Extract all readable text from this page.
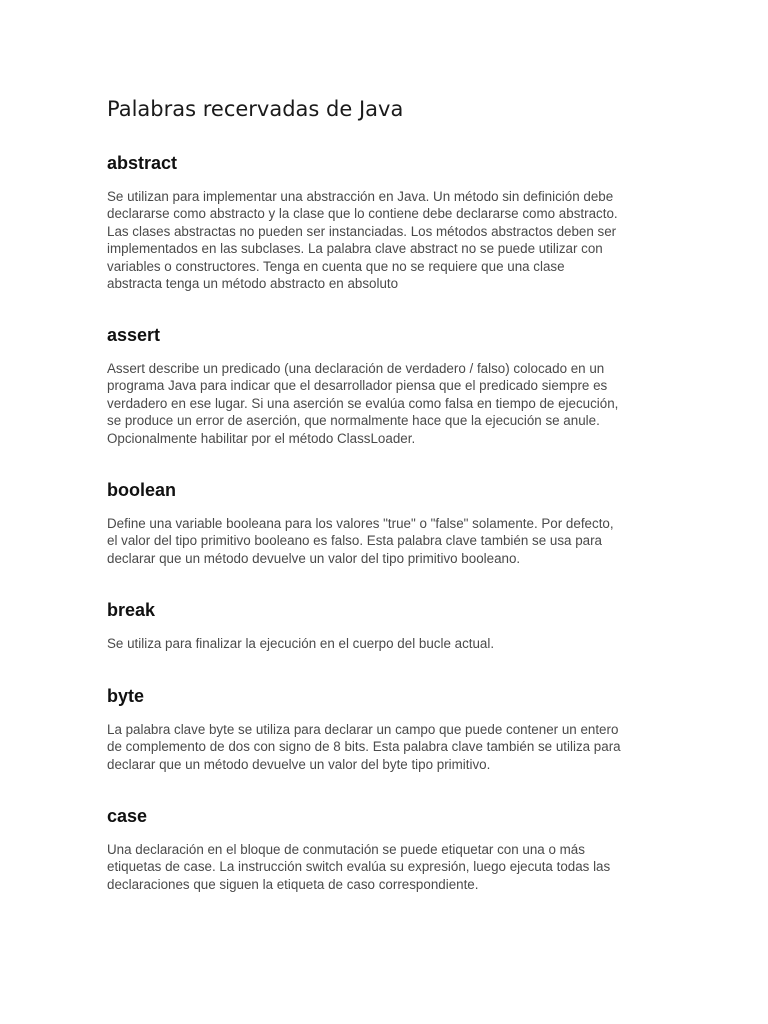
Palabras recervadas de Java
abstract

Se utilizan para implementar una abstracción en Java. Un método sin definición debe
declararse como abstracto y la clase que lo contiene debe declararse como abstracto.
Las clases abstractas no pueden ser instanciadas. Los métodos abstractos deben ser
implementados en las subclases. La palabra clave abstract no se puede utilizar con
variables o constructores. Tenga en cuenta que no se requiere que una clase
abstracta tenga un método abstracto en absoluto

assert

Assert describe un predicado (una declaración de verdadero / falso) colocado en un
programa Java para indicar que el desarrollador piensa que el predicado siempre es
verdadero en ese lugar. Si una aserción se evalúa como falsa en tiempo de ejecución,
se produce un error de aserción, que normalmente hace que la ejecución se anule.
Opcionalmente habilitar por el método ClassLoader.

boolean

Define una variable booleana para los valores "true" o "false" solamente. Por defecto,
el valor del tipo primitivo booleano es falso. Esta palabra clave también se usa para
declarar que un método devuelve un valor del tipo primitivo booleano.

break

Se utiliza para finalizar la ejecución en el cuerpo del bucle actual.

byte

La palabra clave byte se utiliza para declarar un campo que puede contener un entero
de complemento de dos con signo de 8 bits. Esta palabra clave también se utiliza para
declarar que un método devuelve un valor del byte tipo primitivo.

case

Una declaración en el bloque de conmutación se puede etiquetar con una o más
etiquetas de case. La instrucción switch evalúa su expresión, luego ejecuta todas las
declaraciones que siguen la etiqueta de caso correspondiente.
